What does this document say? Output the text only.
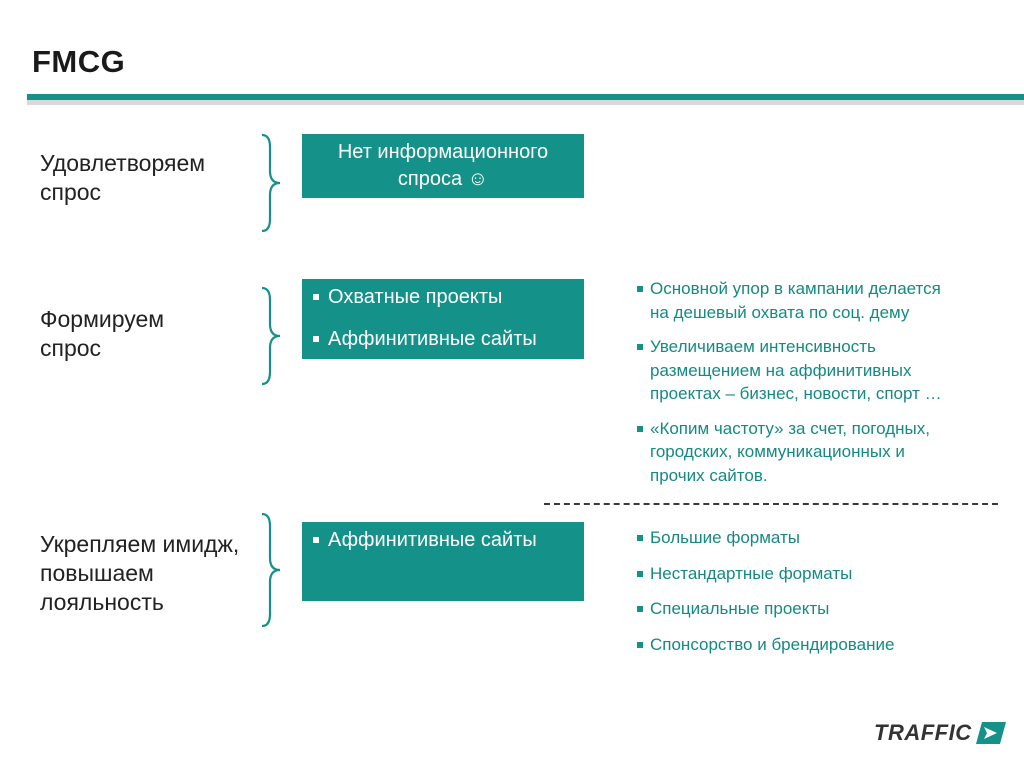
FMCG
Удовлетворяем
спрос
Нет информационного
спроса ☺
Формируем
спрос
Охватные проекты
Аффинитивные сайты
Основной упор в кампании делается
на дешевый охвата по соц. дему
Увеличиваем интенсивность
размещением на аффинитивных
проектах – бизнес, новости, спорт …
«Копим частоту» за счет, погодных,
городских, коммуникационных и
прочих сайтов.
Укрепляем имидж,
повышаем
лояльность
Аффинитивные сайты	Большие форматы
Нестандартные форматы
Специальные проекты
Спонсорство и брендирование
TRAFFIC
